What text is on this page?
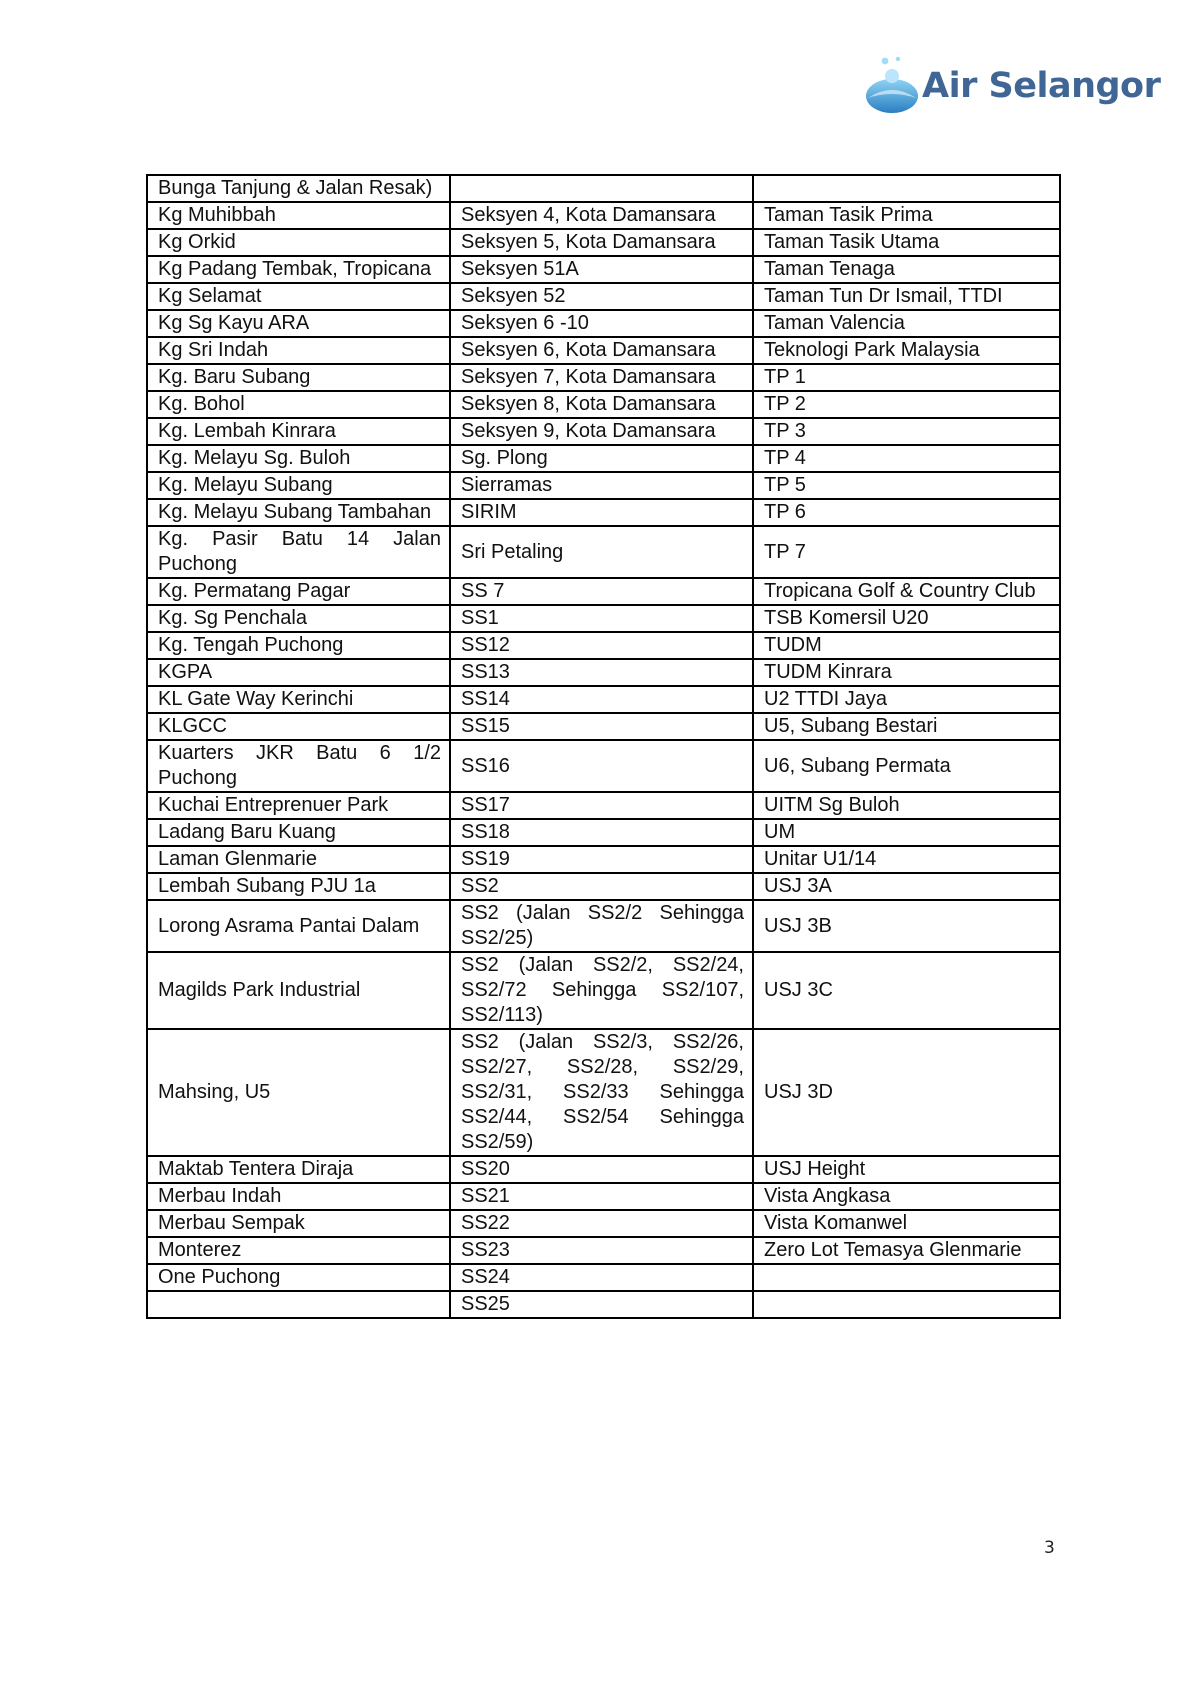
Air Selangor
Bunga Tanjung & Jalan Resak)		
Kg Muhibbah	Seksyen 4, Kota Damansara	Taman Tasik Prima
Kg Orkid	Seksyen 5, Kota Damansara	Taman Tasik Utama
Kg Padang Tembak, Tropicana	Seksyen 51A	Taman Tenaga
Kg Selamat	Seksyen 52	Taman Tun Dr Ismail, TTDI
Kg Sg Kayu ARA	Seksyen 6 -10	Taman Valencia
Kg Sri Indah	Seksyen 6, Kota Damansara	Teknologi Park Malaysia
Kg. Baru Subang	Seksyen 7, Kota Damansara	TP 1
Kg. Bohol	Seksyen 8, Kota Damansara	TP 2
Kg. Lembah Kinrara	Seksyen 9, Kota Damansara	TP 3
Kg. Melayu Sg. Buloh	Sg. Plong	TP 4
Kg. Melayu Subang	Sierramas	TP 5
Kg. Melayu Subang Tambahan	SIRIM	TP 6
Kg. Pasir Batu 14 Jalan Puchong	Sri Petaling	TP 7
Kg. Permatang Pagar	SS 7	Tropicana Golf & Country Club
Kg. Sg Penchala	SS1	TSB Komersil U20
Kg. Tengah Puchong	SS12	TUDM
KGPA	SS13	TUDM Kinrara
KL Gate Way Kerinchi	SS14	U2 TTDI Jaya
KLGCC	SS15	U5, Subang Bestari
Kuarters JKR Batu 6 1/2 Puchong	SS16	U6, Subang Permata
Kuchai Entreprenuer Park	SS17	UITM Sg Buloh
Ladang Baru Kuang	SS18	UM
Laman Glenmarie	SS19	Unitar U1/14
Lembah Subang PJU 1a	SS2	USJ 3A
Lorong Asrama Pantai Dalam	SS2 (Jalan SS2/2 Sehingga SS2/25)	USJ 3B
Magilds Park Industrial	SS2 (Jalan SS2/2, SS2/24, SS2/72 Sehingga SS2/107, SS2/113)	USJ 3C
Mahsing, U5	SS2 (Jalan SS2/3, SS2/26, SS2/27, SS2/28, SS2/29, SS2/31, SS2/33 Sehingga SS2/44, SS2/54 Sehingga SS2/59)	USJ 3D
Maktab Tentera Diraja	SS20	USJ Height
Merbau Indah	SS21	Vista Angkasa
Merbau Sempak	SS22	Vista Komanwel
Monterez	SS23	Zero Lot Temasya Glenmarie
One Puchong	SS24	
	SS25	
3
